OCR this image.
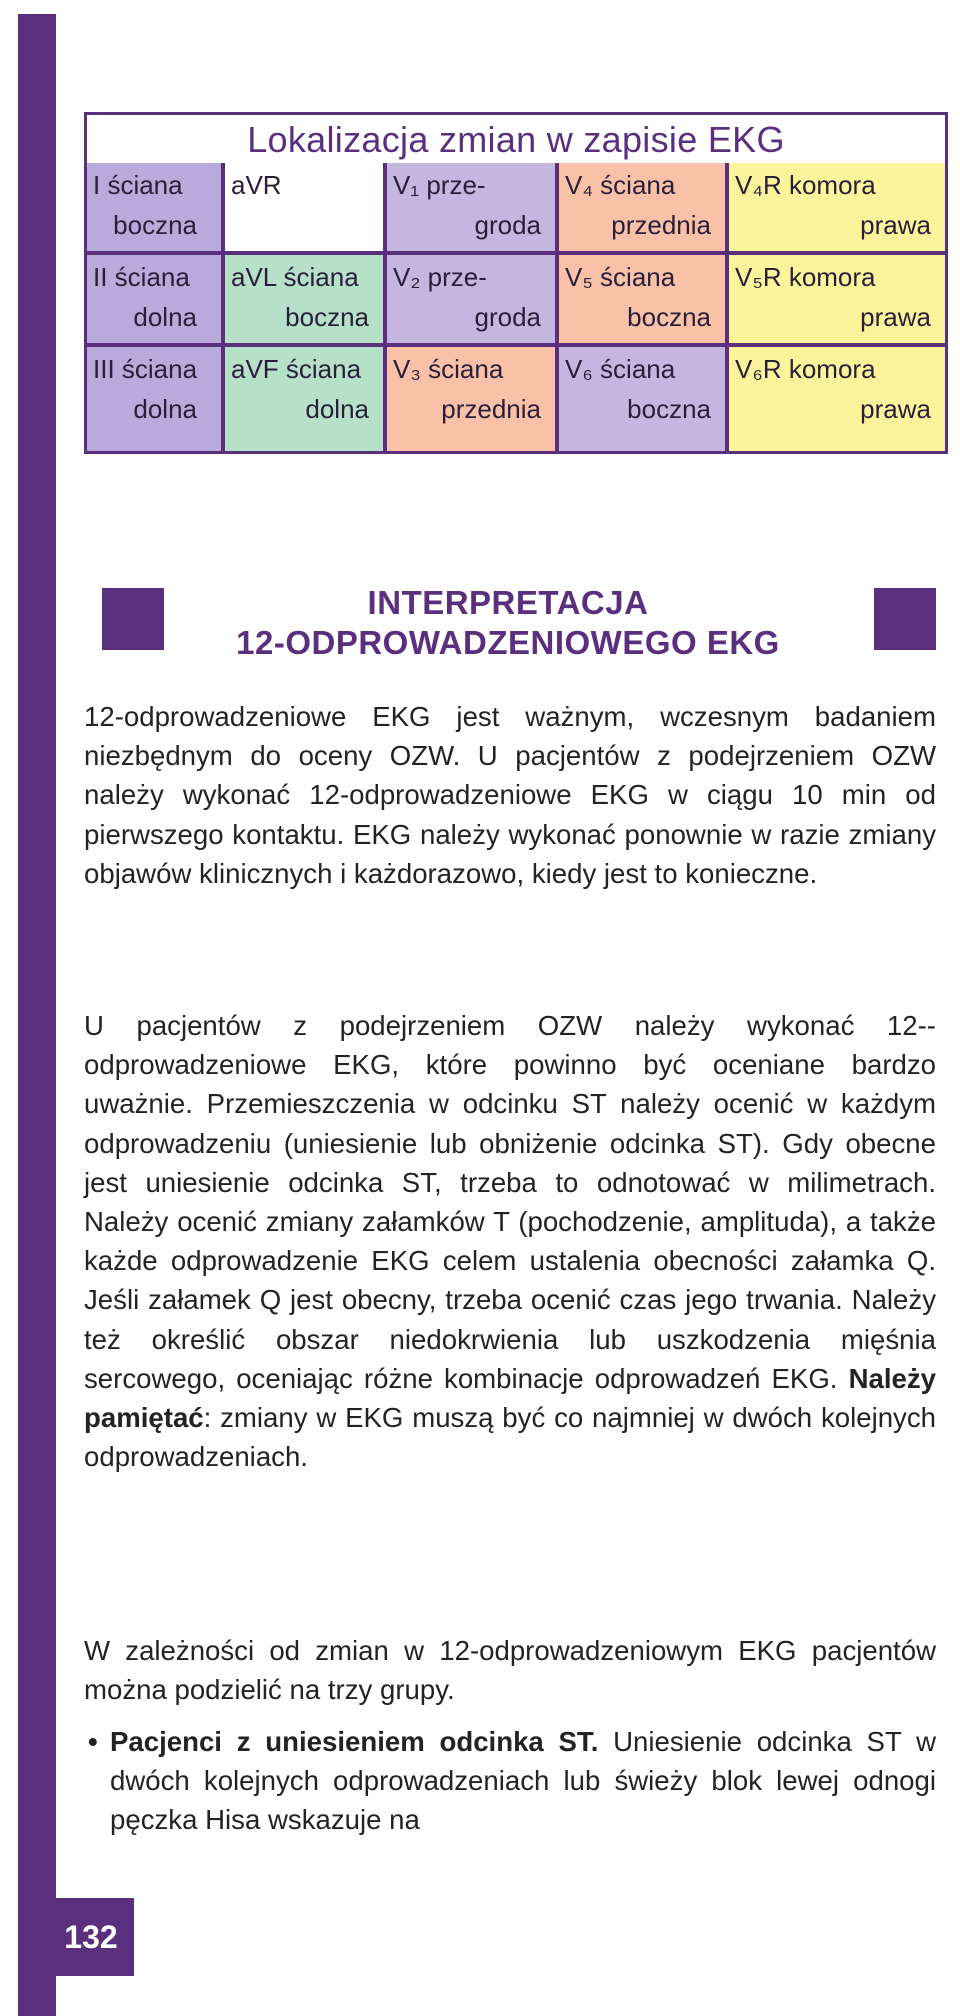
132
Lokalizacja zmian w zapisie EKG
I ściana
boczna
aVR	V₁ prze-
groda
V₄ ściana
przednia
V₄R komora
prawa
II ściana
dolna
aVL ściana
boczna
V₂ prze-
groda
V₅ ściana
boczna
V₅R komora
prawa
III ściana
dolna
aVF ściana
dolna
V₃ ściana
przednia
V₆ ściana
boczna
V₆R komora
prawa
INTERPRETACJA
12-ODPROWADZENIOWEGO EKG

12-odprowadzeniowe EKG jest ważnym, wczesnym badaniem niezbędnym do oceny OZW. U pacjentów z podejrzeniem OZW należy wykonać 12-odprowadzeniowe EKG w ciągu 10 min od pierwszego kontaktu. EKG należy wykonać ponownie w razie zmiany objawów klinicznych i każdorazowo, kiedy jest to konieczne.

U pacjentów z podejrzeniem OZW należy wykonać 12--odprowadzeniowe EKG, które powinno być oceniane bardzo uważnie. Przemieszczenia w odcinku ST należy ocenić w każdym odprowadzeniu (uniesienie lub obniżenie odcinka ST). Gdy obecne jest uniesienie odcinka ST, trzeba to odnotować w milimetrach. Należy ocenić zmiany załamków T (pochodzenie, amplituda), a także każde odprowadzenie EKG celem ustalenia obecności załamka Q. Jeśli załamek Q jest obecny, trzeba ocenić czas jego trwania. Należy też określić obszar niedokrwienia lub uszkodzenia mięśnia sercowego, oceniając różne kombinacje odprowadzeń EKG. Należy pamiętać: zmiany w EKG muszą być co najmniej w dwóch kolejnych odprowadzeniach.

W zależności od zmian w 12-odprowadzeniowym EKG pacjentów można podzielić na trzy grupy.

• Pacjenci z uniesieniem odcinka ST. Uniesienie odcinka ST w dwóch kolejnych odprowadzeniach lub świeży blok lewej odnogi pęczka Hisa wskazuje na
